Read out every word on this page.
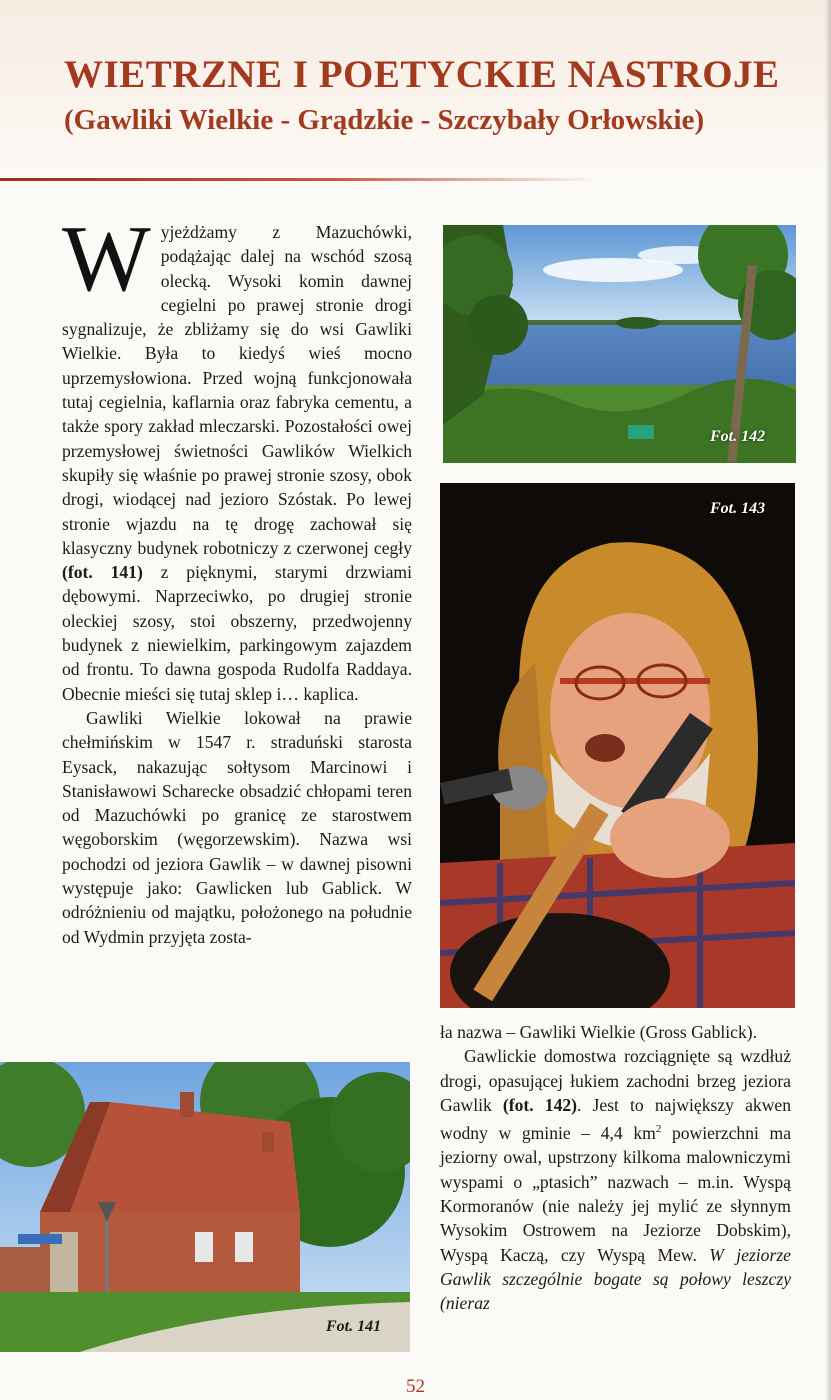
WIETRZNE I POETYCKIE NASTROJE
(Gawliki Wielkie - Grądzkie - Szczybały Orłowskie)

W yjeżdżamy z Mazuchówki, podążając dalej na wschód szosą olecką. Wysoki komin dawnej cegielni po prawej stronie drogi sygnalizuje, że zbliżamy się do wsi Gawliki Wielkie. Była to kiedyś wieś mocno uprzemysłowiona. Przed wojną funkcjonowała tutaj cegielnia, kaflarnia oraz fabryka cementu, a także spory zakład mleczarski. Pozostałości owej przemysłowej świetności Gawlików Wielkich skupiły się właśnie po prawej stronie szosy, obok drogi, wiodącej nad jezioro Szóstak. Po lewej stronie wjazdu na tę drogę zachował się klasyczny budynek robotniczy z czerwonej cegły (fot. 141) z pięknymi, starymi drzwiami dębowymi. Naprzeciwko, po drugiej stronie oleckiej szosy, stoi obszerny, przedwojenny budynek z niewielkim, parkingowym zajazdem od frontu. To dawna gospoda Rudolfa Raddaya. Obecnie mieści się tutaj sklep i… kaplica.

Gawliki Wielkie lokował na prawie chełmińskim w 1547 r. straduński starosta Eysack, nakazując sołtysom Marcinowi i Stanisławowi Scharecke obsadzić chłopami teren od Mazuchówki po granicę ze starostwem węgoborskim (węgorzewskim). Nazwa wsi pochodzi od jeziora Gawlik – w dawnej pisowni występuje jako: Gawlicken lub Gablick. W odróżnieniu od majątku, położonego na południe od Wydmin przyjęta zosta-

Fot. 142
Fot. 143
Fot. 141

ła nazwa – Gawliki Wielkie (Gross Gablick).

Gawlickie domostwa rozciągnięte są wzdłuż drogi, opasującej łukiem zachodni brzeg jeziora Gawlik (fot. 142). Jest to największy akwen wodny w gminie – 4,4 $km^2$ powierzchni ma jeziorny owal, upstrzony kilkoma malowniczymi wyspami o „ptasich” nazwach – m.in. Wyspą Kormoranów (nie należy jej mylić ze słynnym Wysokim Ostrowem na Jeziorze Dobskim), Wyspą Kaczą, czy Wyspą Mew. W jeziorze Gawlik szczególnie bogate są połowy leszczy (nieraz

52
